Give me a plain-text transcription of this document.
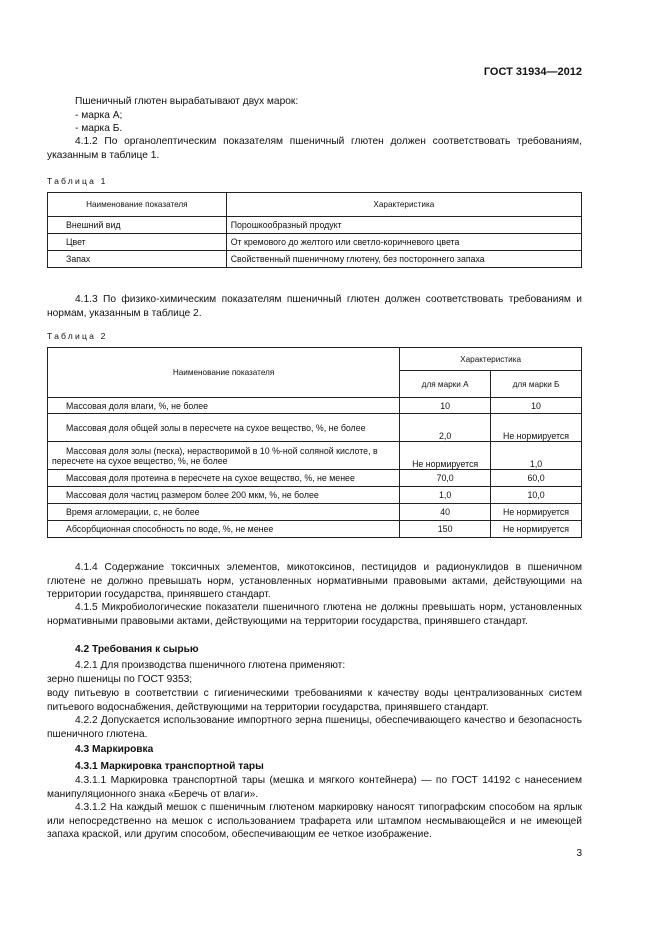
ГОСТ 31934—2012
Пшеничный глютен вырабатывают двух марок:
- марка А;
- марка Б.
4.1.2 По органолептическим показателям пшеничный глютен должен соответствовать требованиям, указанным в таблице 1.
Таблица 1
Наименование показателя	Характеристика
Внешний вид	Порошкообразный продукт
Цвет	От кремового до желтого или светло-коричневого цвета
Запах	Свойственный пшеничному глютену, без постороннего запаха
4.1.3 По физико-химическим показателям пшеничный глютен должен соответствовать требованиям и нормам, указанным в таблице 2.
Таблица 2
Наименование показателя	Характеристика	
	для марки А	для марки Б
Массовая доля влаги, %, не более	10	10
Массовая доля общей золы в пересчете на сухое вещество, %, не более	2,0	Не нормируется
Массовая доля золы (песка), нерастворимой в 10 %-ной соляной кислоте, в пересчете на сухое вещество, %, не более	Не нормируется	1,0
Массовая доля протеина в пересчете на сухое вещество, %, не менее	70,0	60,0
Массовая доля частиц размером более 200 мкм, %, не более	1,0	10,0
Время агломерации, с, не более	40	Не нормируется
Абсорбционная способность по воде, %, не менее	150	Не нормируется
4.1.4 Содержание токсичных элементов, микотоксинов, пестицидов и радионуклидов в пшеничном глютене не должно превышать норм, установленных нормативными правовыми актами, действующими на территории государства, принявшего стандарт.
4.1.5 Микробиологические показатели пшеничного глютена не должны превышать норм, установленных нормативными правовыми актами, действующими на территории государства, принявшего стандарт.
4.2 Требования к сырью
4.2.1 Для производства пшеничного глютена применяют:
зерно пшеницы по ГОСТ 9353;
воду питьевую в соответствии с гигиеническими требованиями к качеству воды централизованных систем питьевого водоснабжения, действующими на территории государства, принявшего стандарт.
4.2.2 Допускается использование импортного зерна пшеницы, обеспечивающего качество и безопасность пшеничного глютена.
4.3 Маркировка
4.3.1 Маркировка транспортной тары
4.3.1.1 Маркировка транспортной тары (мешка и мягкого контейнера) — по ГОСТ 14192 с нанесением манипуляционного знака «Беречь от влаги».
4.3.1.2 На каждый мешок с пшеничным глютеном маркировку наносят типографским способом на ярлык или непосредственно на мешок с использованием трафарета или штампом несмывающейся и не имеющей запаха краской, или другим способом, обеспечивающим ее четкое изображение.
3
